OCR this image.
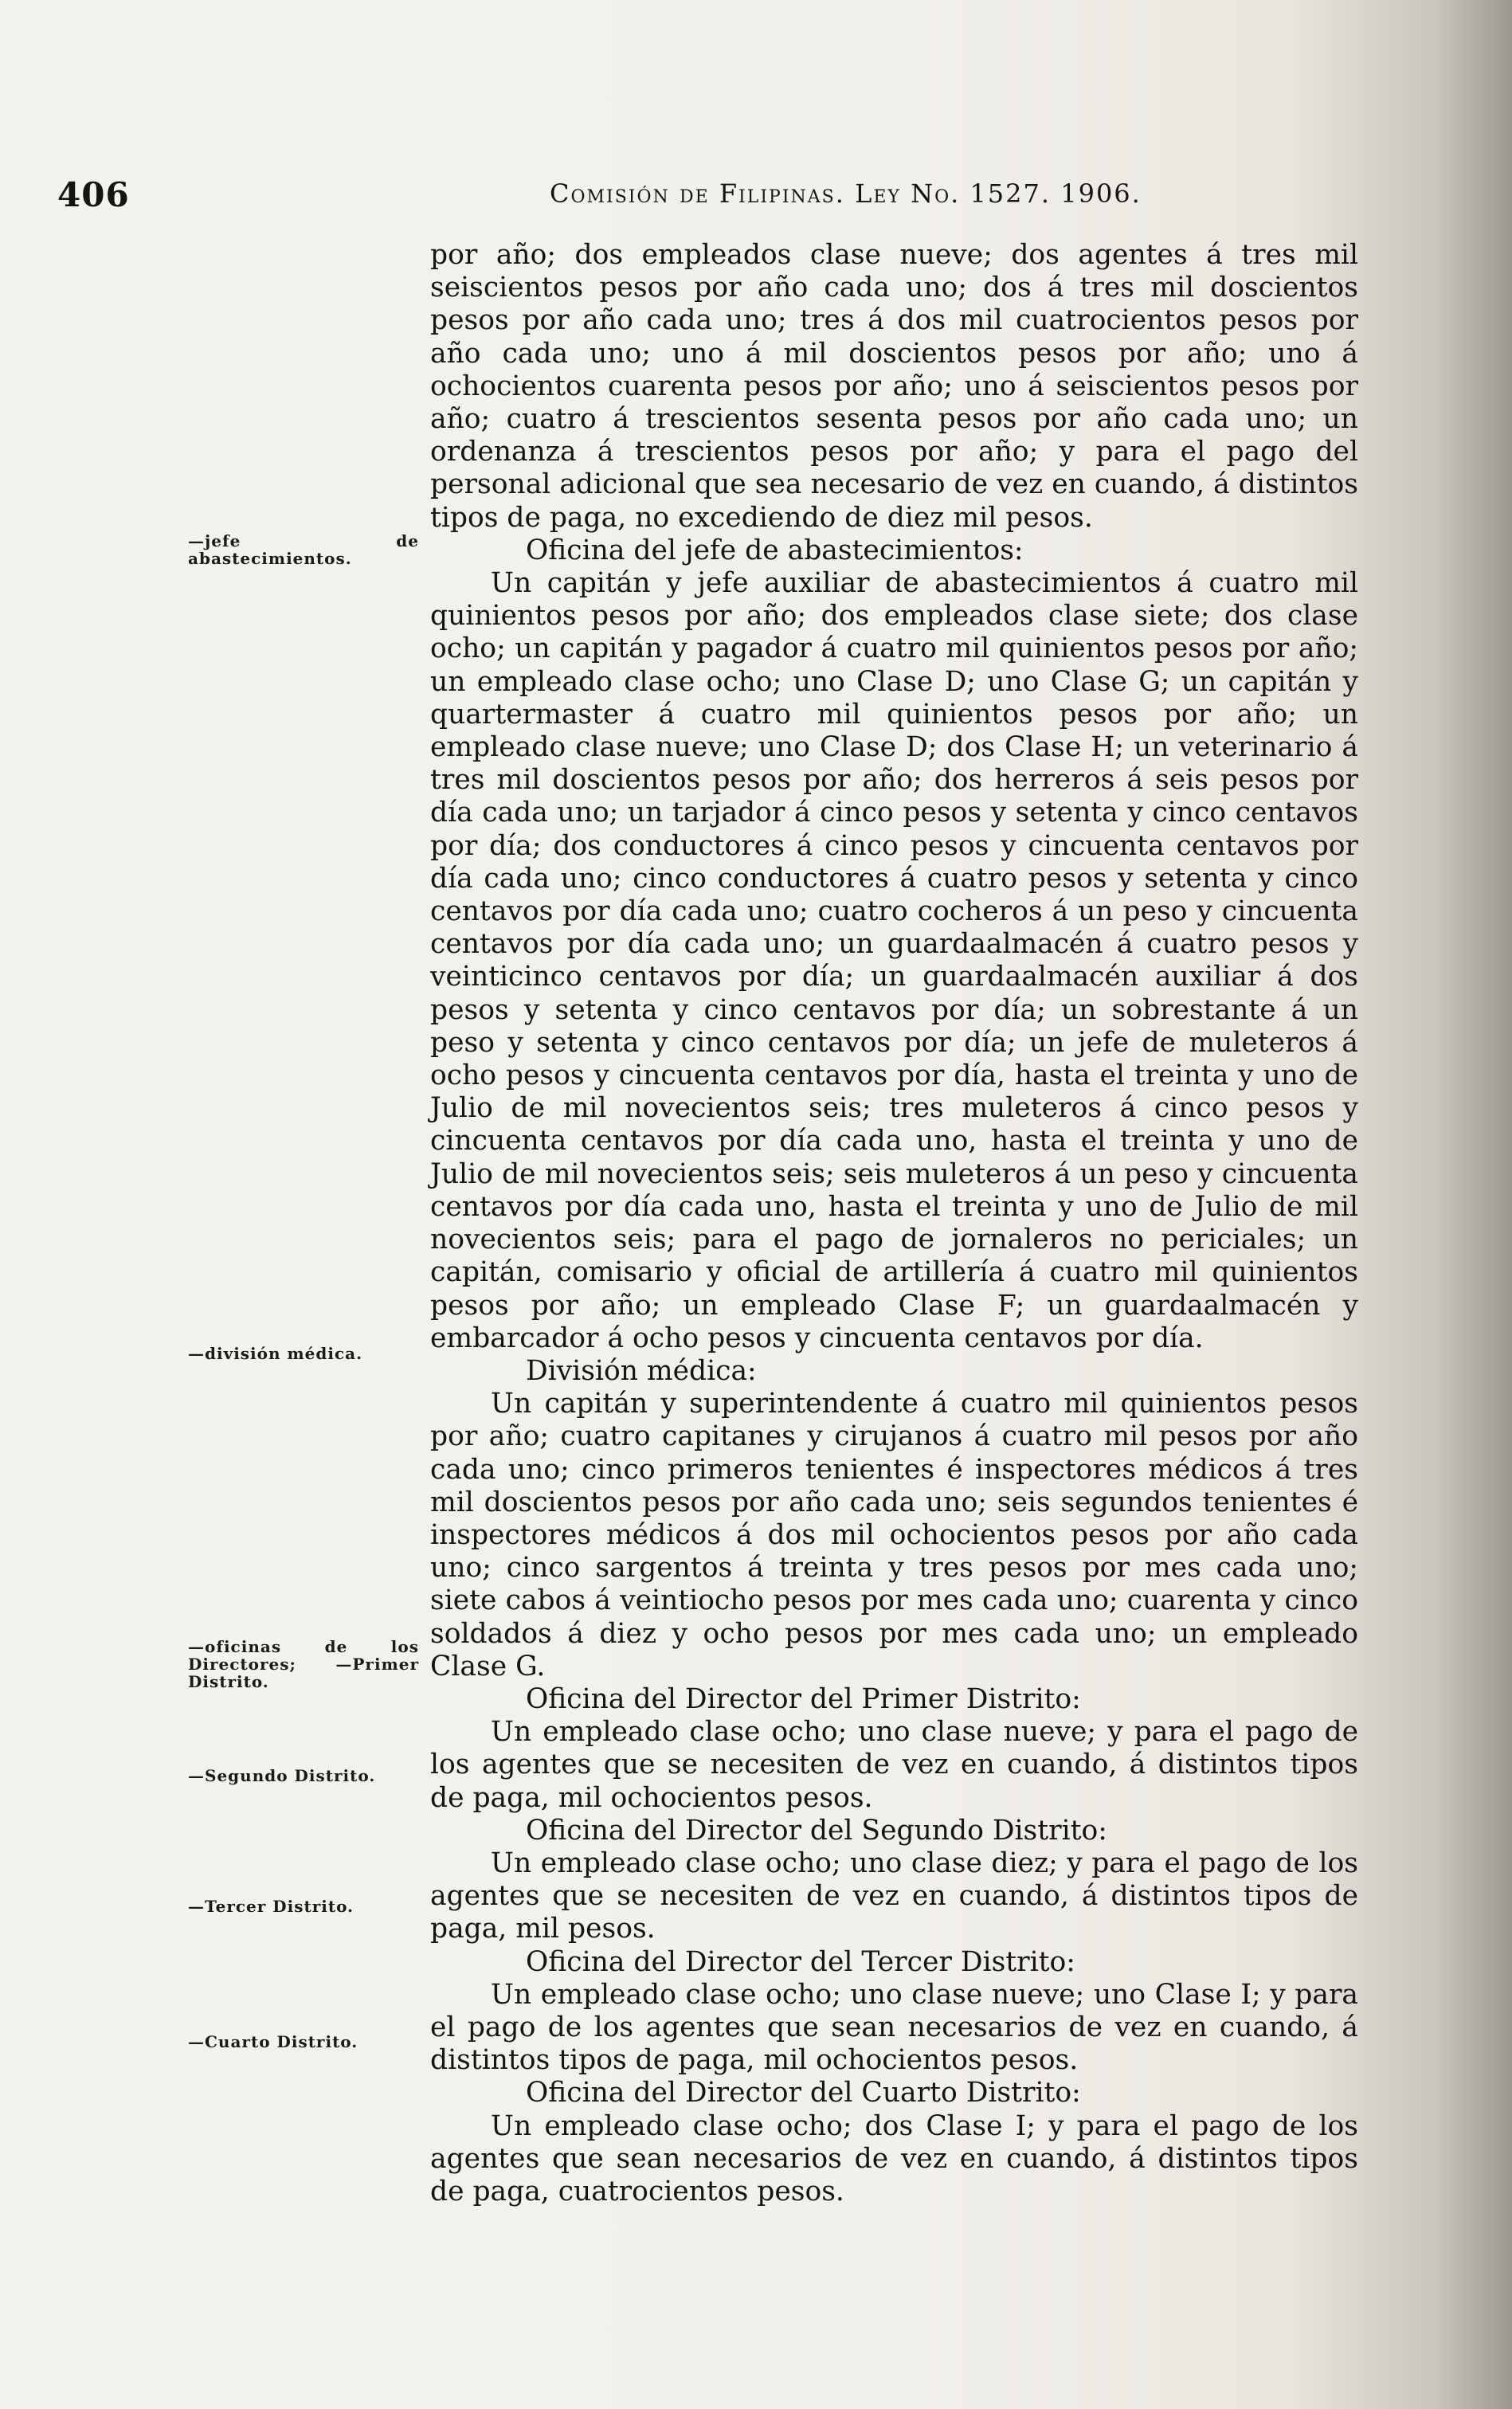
406	Comisión de Filipinas. Ley No. 1527. 1906.
—jefe de abastecimientos.
—división médica.
—oficinas de los Directores; —Primer Distrito.
—Segundo Distrito.
—Tercer Distrito.
—Cuarto Distrito.

por año; dos empleados clase nueve; dos agentes á tres mil seiscientos pesos por año cada uno; dos á tres mil doscientos pesos por año cada uno; tres á dos mil cuatrocientos pesos por año cada uno; uno á mil doscientos pesos por año; uno á ochocientos cuarenta pesos por año; uno á seiscientos pesos por año; cuatro á trescientos sesenta pesos por año cada uno; un ordenanza á trescientos pesos por año; y para el pago del personal adicional que sea necesario de vez en cuando, á distintos tipos de paga, no excediendo de diez mil pesos.

Oficina del jefe de abastecimientos:

Un capitán y jefe auxiliar de abastecimientos á cuatro mil quinientos pesos por año; dos empleados clase siete; dos clase ocho; un capitán y pagador á cuatro mil quinientos pesos por año; un empleado clase ocho; uno Clase D; uno Clase G; un capitán y quartermaster á cuatro mil quinientos pesos por año; un empleado clase nueve; uno Clase D; dos Clase H; un veterinario á tres mil doscientos pesos por año; dos herreros á seis pesos por día cada uno; un tarjador á cinco pesos y setenta y cinco centavos por día; dos conductores á cinco pesos y cincuenta centavos por día cada uno; cinco conductores á cuatro pesos y setenta y cinco centavos por día cada uno; cuatro cocheros á un peso y cincuenta centavos por día cada uno; un guardaalmacén á cuatro pesos y veinticinco centavos por día; un guardaalmacén auxiliar á dos pesos y setenta y cinco centavos por día; un sobrestante á un peso y setenta y cinco centavos por día; un jefe de muleteros á ocho pesos y cincuenta centavos por día, hasta el treinta y uno de Julio de mil novecientos seis; tres muleteros á cinco pesos y cincuenta centavos por día cada uno, hasta el treinta y uno de Julio de mil novecientos seis; seis muleteros á un peso y cincuenta centavos por día cada uno, hasta el treinta y uno de Julio de mil novecientos seis; para el pago de jornaleros no periciales; un capitán, comisario y oficial de artillería á cuatro mil quinientos pesos por año; un empleado Clase F; un guardaalmacén y embarcador á ocho pesos y cincuenta centavos por día.

División médica:

Un capitán y superintendente á cuatro mil quinientos pesos por año; cuatro capitanes y cirujanos á cuatro mil pesos por año cada uno; cinco primeros tenientes é inspectores médicos á tres mil doscientos pesos por año cada uno; seis segundos tenientes é inspectores médicos á dos mil ochocientos pesos por año cada uno; cinco sargentos á treinta y tres pesos por mes cada uno; siete cabos á veintiocho pesos por mes cada uno; cuarenta y cinco soldados á diez y ocho pesos por mes cada uno; un empleado Clase G.

Oficina del Director del Primer Distrito:

Un empleado clase ocho; uno clase nueve; y para el pago de los agentes que se necesiten de vez en cuando, á distintos tipos de paga, mil ochocientos pesos.

Oficina del Director del Segundo Distrito:

Un empleado clase ocho; uno clase diez; y para el pago de los agentes que se necesiten de vez en cuando, á distintos tipos de paga, mil pesos.

Oficina del Director del Tercer Distrito:

Un empleado clase ocho; uno clase nueve; uno Clase I; y para el pago de los agentes que sean necesarios de vez en cuando, á distintos tipos de paga, mil ochocientos pesos.

Oficina del Director del Cuarto Distrito:

Un empleado clase ocho; dos Clase I; y para el pago de los agentes que sean necesarios de vez en cuando, á distintos tipos de paga, cuatrocientos pesos.
